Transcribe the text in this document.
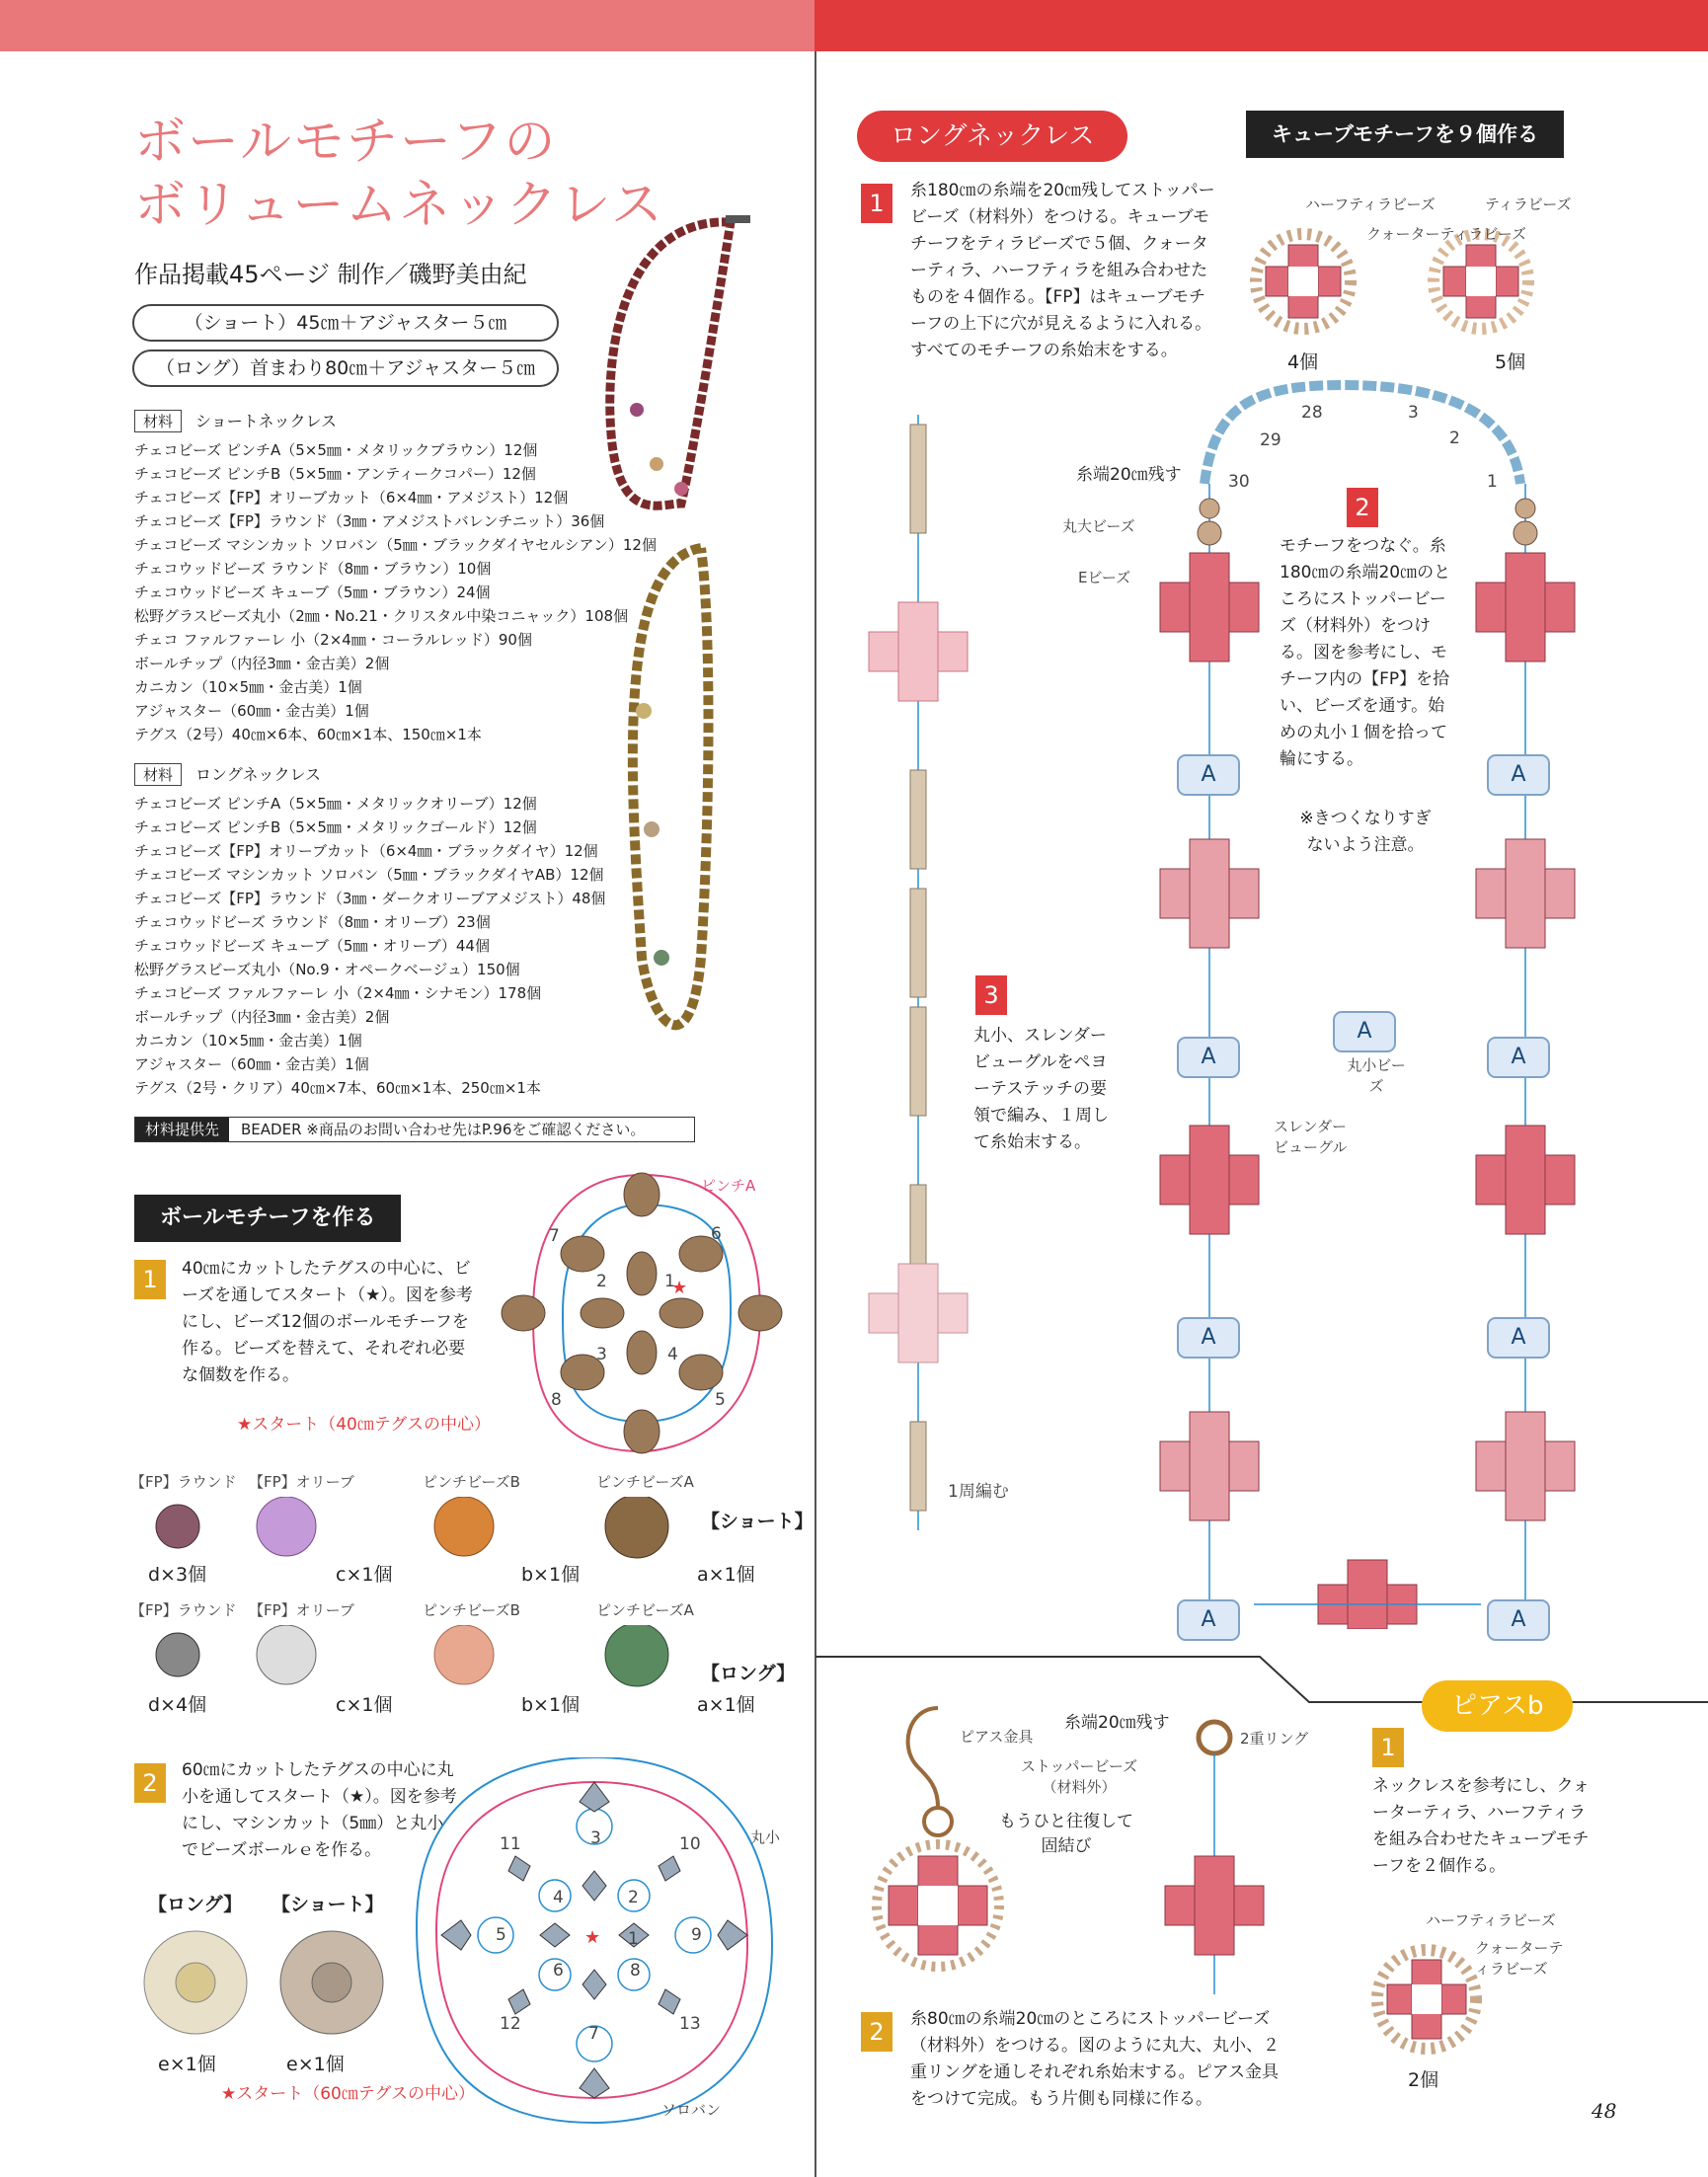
ボールモチーフの
ボリュームネックレス
作品掲載45ページ 制作／磯野美由紀
（ショート）45㎝＋アジャスター５㎝
（ロング）首まわり80㎝＋アジャスター５㎝
材料 ショートネックレス
チェコビーズ ピンチA（5×5㎜・メタリックブラウン）12個
チェコビーズ ピンチB（5×5㎜・アンティークコパー）12個
チェコビーズ【FP】オリーブカット（6×4㎜・アメジスト）12個
チェコビーズ【FP】ラウンド（3㎜・アメジストバレンチニット）36個
チェコビーズ マシンカット ソロバン（5㎜・ブラックダイヤセルシアン）12個
チェコウッドビーズ ラウンド（8㎜・ブラウン）10個
チェコウッドビーズ キューブ（5㎜・ブラウン）24個
松野グラスビーズ丸小（2㎜・No.21・クリスタル中染コニャック）108個
チェコ ファルファーレ 小（2×4㎜・コーラルレッド）90個
ボールチップ（内径3㎜・金古美）2個
カニカン（10×5㎜・金古美）1個
アジャスター（60㎜・金古美）1個
テグス（2号）40㎝×6本、60㎝×1本、150㎝×1本
材料 ロングネックレス
チェコビーズ ピンチA（5×5㎜・メタリックオリーブ）12個
チェコビーズ ピンチB（5×5㎜・メタリックゴールド）12個
チェコビーズ【FP】オリーブカット（6×4㎜・ブラックダイヤ）12個
チェコビーズ マシンカット ソロバン（5㎜・ブラックダイヤAB）12個
チェコビーズ【FP】ラウンド（3㎜・ダークオリーブアメジスト）48個
チェコウッドビーズ ラウンド（8㎜・オリーブ）23個
チェコウッドビーズ キューブ（5㎜・オリーブ）44個
松野グラスビーズ丸小（No.9・オペークベージュ）150個
チェコビーズ ファルファーレ 小（2×4㎜・シナモン）178個
ボールチップ（内径3㎜・金古美）2個
カニカン（10×5㎜・金古美）1個
アジャスター（60㎜・金古美）1個
テグス（2号・クリア）40㎝×7本、60㎝×1本、250㎝×1本
材料提供先 BEADER ※商品のお問い合わせ先はP.96をご確認ください。
ボールモチーフを作る
1	40㎝にカットしたテグスの中心に、ビーズを通してスタート（★）。図を参考にし、ビーズ12個のボールモチーフを作る。ビーズを替えて、それぞれ必要な個数を作る。
★スタート（40㎝テグスの中心）
★
ピンチA
1
2
3	4
5
6
7
8
【FP】ラウンド 【FP】オリーブ	ピンチビーズB	ピンチビーズA
d×3個	c×1個	b×1個	a×1個
【ショート】
【FP】ラウンド 【FP】オリーブ	ピンチビーズB	ピンチビーズA
d×4個	c×1個	b×1個	a×1個
【ロング】
2	60㎝にカットしたテグスの中心に丸小を通してスタート（★）。図を参考にし、マシンカット（5㎜）と丸小でビーズボールｅを作る。
【ロング】 【ショート】
e×1個	e×1個
★スタート（60㎝テグスの中心）
★
丸小
ソロバン
3
11	10
4	2
5	9
6	8
7
12	13
1
ロングネックレス	キューブモチーフを９個作る
1	糸180㎝の糸端を20㎝残してストッパービーズ（材料外）をつける。キューブモチーフをティラビーズで５個、クォーターティラ、ハーフティラを組み合わせたものを４個作る。【FP】はキューブモチーフの上下に穴が見えるように入れる。すべてのモチーフの糸始末をする。
ハーフティラビーズ
クォーターティラビーズ
ティラビーズ
4個	5個
1周編む
3
丸小、スレンダービューグルをペヨーテステッチの要領で編み、１周して糸始末する。
A	A
A	A
A
A	A
A	A
糸端20㎝残す
丸大ビーズ
Eビーズ
丸小ビーズ
スレンダービューグル
28
29
30	1
2
3
2
モチーフをつなぐ。糸180㎝の糸端20㎝のところにストッパービーズ（材料外）をつける。図を参考にし、モチーフ内の【FP】を拾い、ビーズを通す。始めの丸小１個を拾って輪にする。
※きつくなりすぎないよう注意。
ピアスb
ピアス金具
糸端20㎝残す
2重リング
ストッパービーズ（材料外）
もうひと往復して固結び
1
ネックレスを参考にし、クォーターティラ、ハーフティラを組み合わせたキューブモチーフを２個作る。
ハーフティラビーズ
クォーターティラビーズ
2個
2	糸80㎝の糸端20㎝のところにストッパービーズ（材料外）をつける。図のように丸大、丸小、２重リングを通しそれぞれ糸始末する。ピアス金具をつけて完成。もう片側も同様に作る。	48
